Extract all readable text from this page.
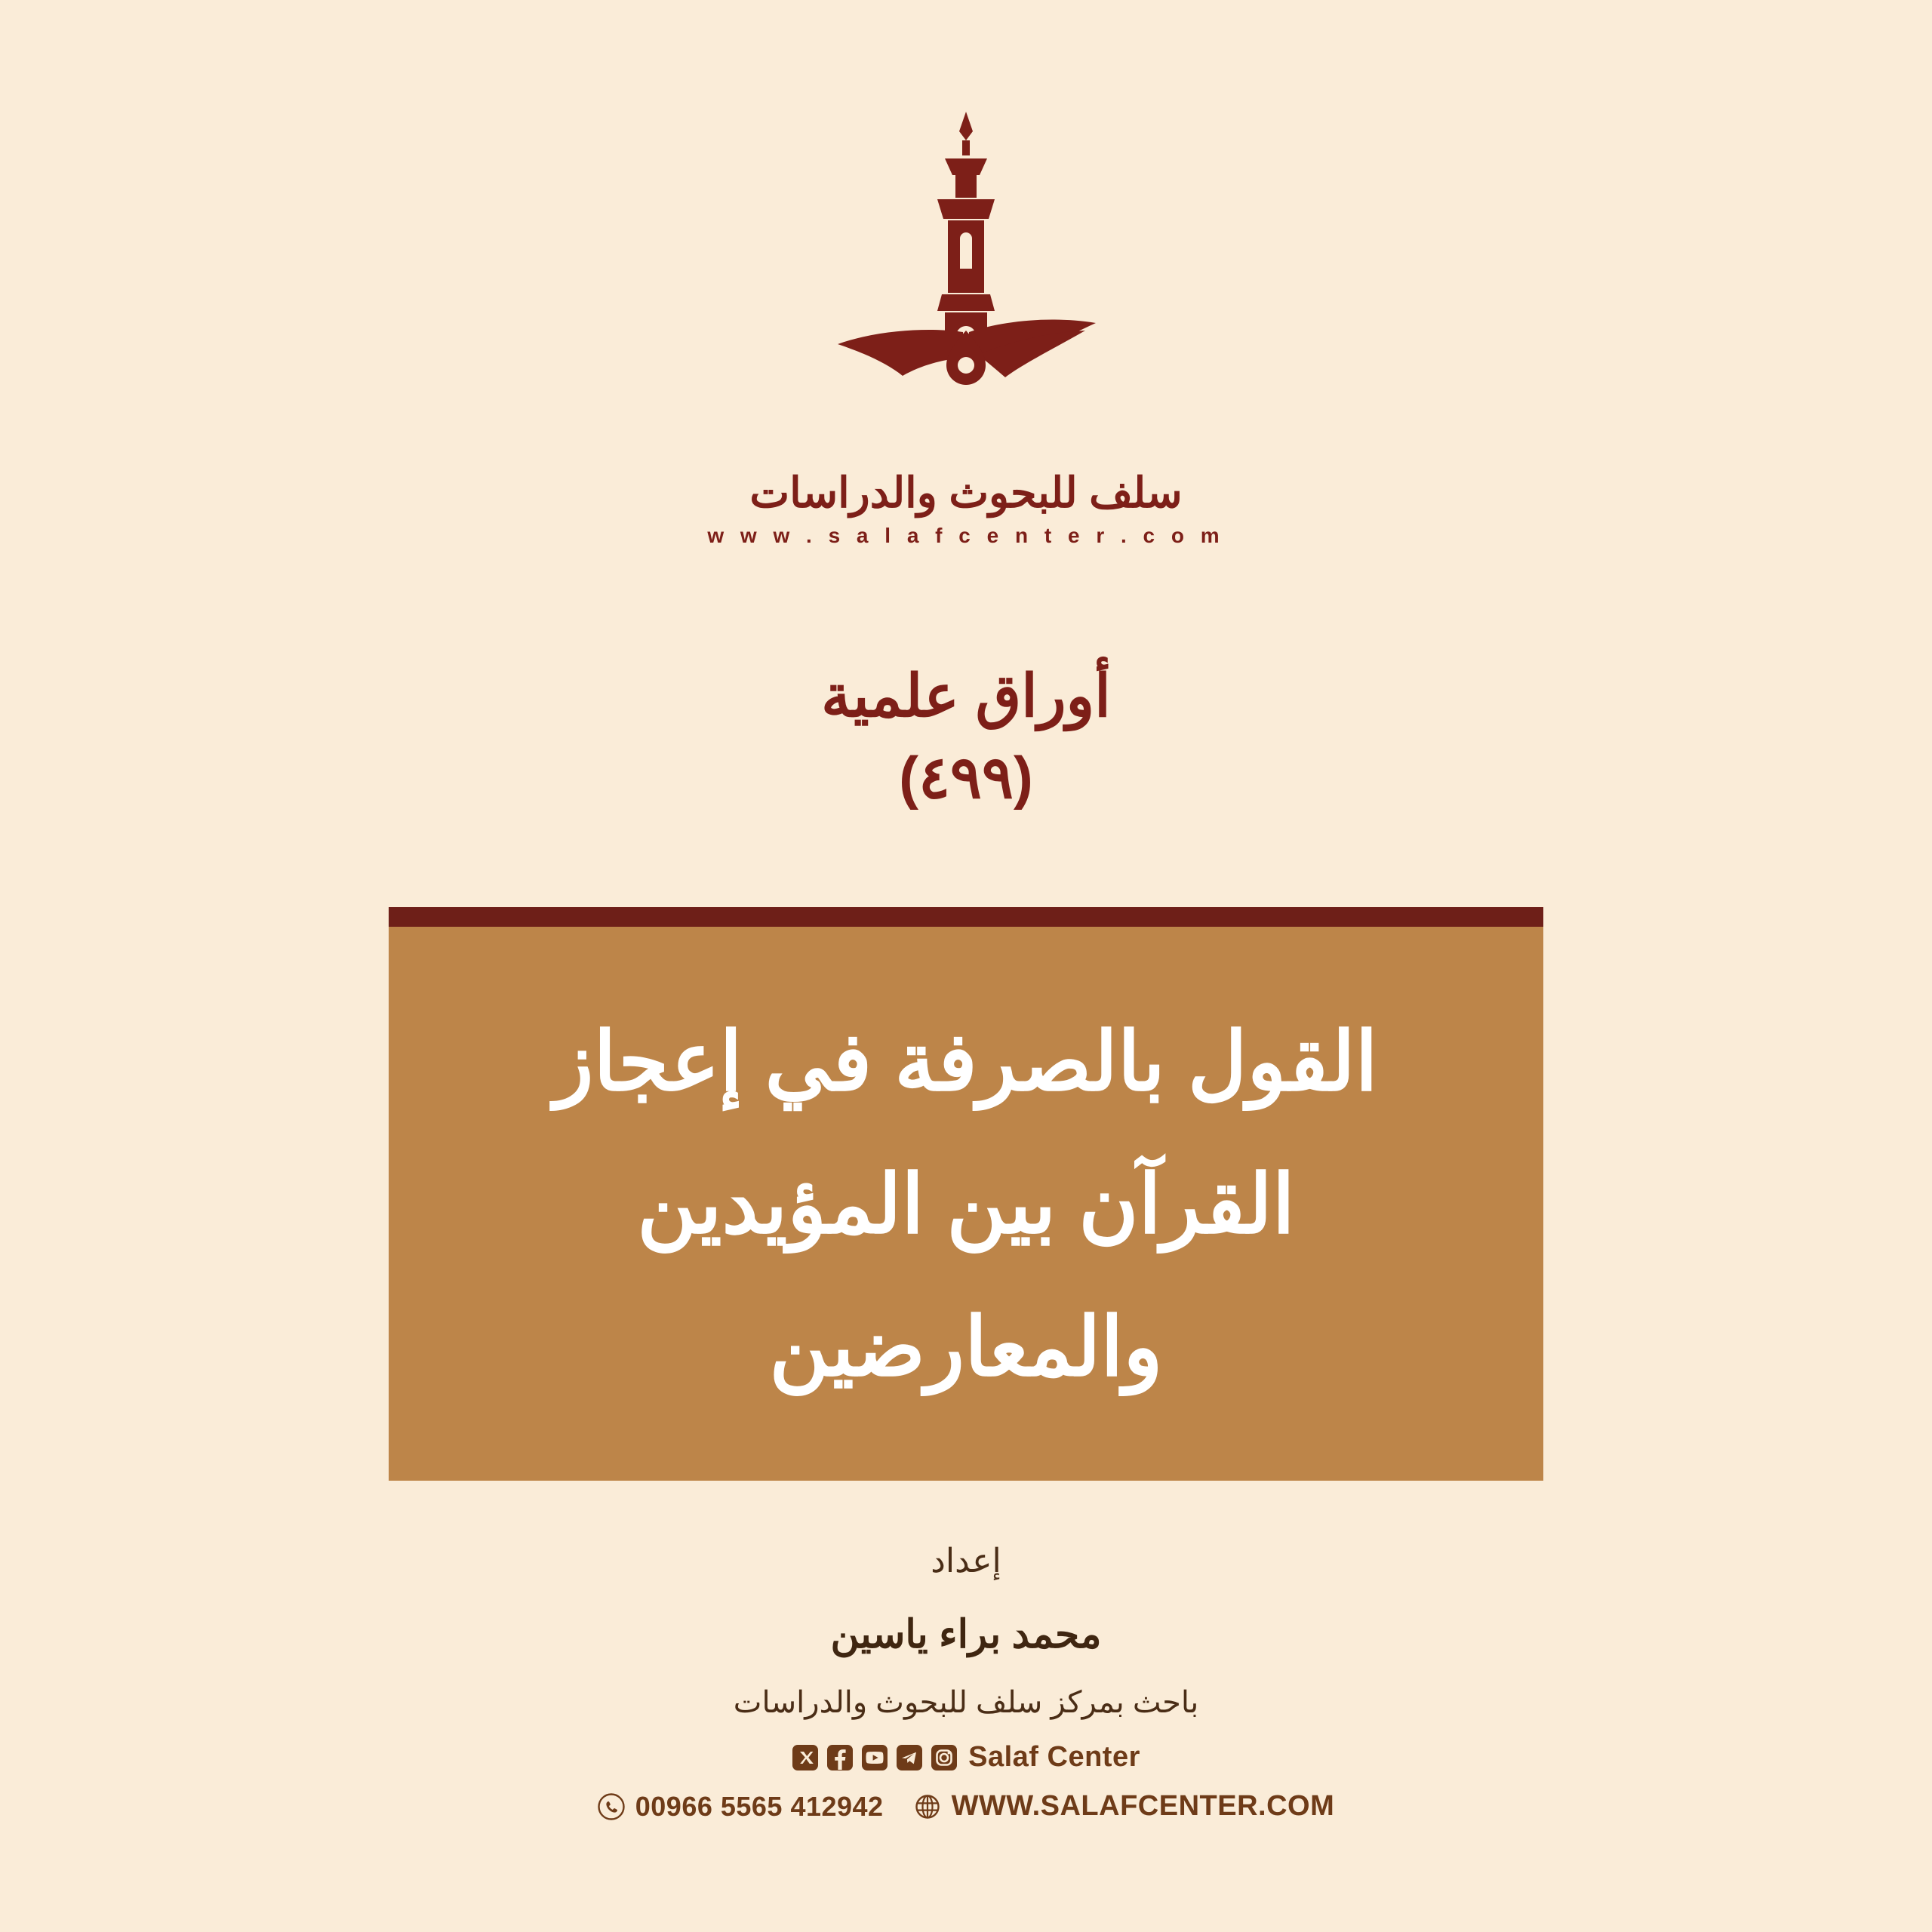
سلف للبحوث والدراسات
w w w . s a l a f c e n t e r . c o m
أوراق علمية
(٤٩٩)
القول بالصرفة في إعجاز القرآن بين المؤيدين والمعارضين
إعداد
محمد براء ياسين
باحث بمركز سلف للبحوث والدراسات
Salaf Center
00966 5565 412942 WWW.SALAFCENTER.COM
